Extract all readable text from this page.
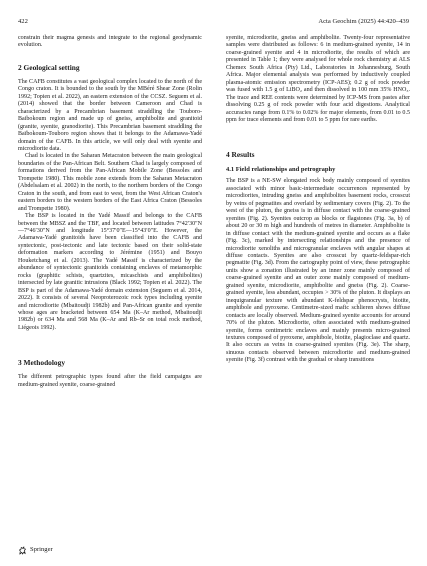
422	Acta Geochim (2025) 44:420–439

constrain their magma genesis and integrate to the regional geodynamic evolution.

2 Geological setting

The CAFB constitutes a vast geological complex located to the north of the Congo craton. It is bounded to the south by the MBéré Shear Zone (Rolin 1992; Topien et al. 2022), an eastern extension of the CCSZ. Seguem et al. (2014) showed that the border between Cameroon and Chad is characterized by a Precambrian basement straddling the Touboro-Baibokoum region and made up of gneiss, amphibolite and granitoid (granite, syenite, granodiorite). This Precambrian basement straddling the Baïbokoum-Touboro region shows that it belongs to the Adamawa-Yadé domain of the CAFB. In this article, we will only deal with syenite and microdiorite data.

Chad is located in the Saharan Metacraton between the main geological boundaries of the Pan-African Belt. Southern Chad is largely composed of formations derived from the Pan-African Mobile Zone (Bessoles and Trompette 1980). This mobile zone extends from the Saharan Metacraton (Abdelsalam et al. 2002) in the north, to the northern borders of the Congo Craton in the south, and from east to west, from the West African Craton's eastern borders to the western borders of the East Africa Craton (Bessoles and Trompette 1980).

The BSP is located in the Yadé Massif and belongs to the CAFB between the MBSZ and the TBF, and located between latitudes 7°42′30″N—7°46′30″N and longitude 15°37′0″E—15°43′0″E. However, the Adamawa-Yadé granitoids have been classified into the CAFB and syntectonic, post-tectonic and late tectonic based on their solid-state deformation markers according to Jérémine (1951) and Bouyo Houketchang et al. (2013). The Yadé Massif is characterized by the abundance of syntectonic granitoids containing enclaves of metamorphic rocks (graphitic schists, quartzites, micaschists and amphibolites) intersected by late granitic intrusions (Black 1992; Topien et al. 2022). The BSP is part of the Adamawa-Yadé domain extension (Seguem et al. 2014, 2022). It consists of several Neoproterozoic rock types including syenite and microdiorite (Mbaitoudji 1982b) and Pan-African granite and syenite whose ages are bracketed between 654 Ma (K–Ar method, Mbaitoudji 1982b) or 634 Ma and 568 Ma (K–Ar and Rb–Sr on total rock method, Liégeois 1992).

3 Methodology

The different petrographic types found after the field campaigns are medium-grained syenite, coarse-grained

syenite, microdiorite, gneiss and amphibolite. Twenty-four representative samples were distributed as follows: 6 in medium-grained syenite, 14 in coarse-grained syenite and 4 in microdiorite, the results of which are presented in Table 1; they were analysed for whole rock chemistry at ALS Chemex South Africa (Pty) Ltd., Laboratories in Johannesburg, South Africa. Major elemental analysis was performed by inductively coupled plasma-atomic emission spectrometry (ICP-AES); 0.2 g of rock powder was fused with 1.5 g of LiBO₂ and then dissolved in 100 mm 35% HNO₃. The trace and REE contents were determined by ICP-MS from pastes after dissolving 0.25 g of rock powder with four acid digestions. Analytical accuracies range from 0.1% to 0.02% for major elements, from 0.01 to 0.5 ppm for trace elements and from 0.01 to 5 ppm for rare earths.

4 Results
4.1 Field relationships and petrography

The BSP is a NE-SW elongated rock body mainly composed of syenites associated with minor basic-intermediate occurrences represented by microdiorites, intruding gneiss and amphibolites basement rocks, crosscut by veins of pegmatites and overlaid by sedimentary covers (Fig. 2). To the west of the pluton, the gneiss is in diffuse contact with the coarse-grained syenites (Fig. 2). Syenites outcrop as blocks or flagstones (Fig. 3a, b) of about 20 or 30 m high and hundreds of metres in diameter. Amphibolite is in diffuse contact with the medium-grained syenite and occurs as a flake (Fig. 3c), marked by intersecting relationships and the presence of microdiorite xenoliths and microgranular enclaves with angular shapes at diffuse contacts. Syenites are also crosscut by quartz-feldspar-rich pegmatite (Fig. 3d). From the cartography point of view, these petrographic units show a zonation illustrated by an inner zone mainly composed of coarse-grained syenite and an outer zone mainly composed of medium-grained syenite, microdiorite, amphibolite and gneiss (Fig. 2). Coarse-grained syenite, less abundant, occupies > 30% of the pluton. It displays an inequigranular texture with abundant K-feldspar phenocrysts, biotite, amphibole and pyroxene. Centimetre-sized mafic schlieren shows diffuse contacts are locally observed. Medium-grained syenite accounts for around 70% of the pluton. Microdiorite, often associated with medium-grained syenite, forms centimetric enclaves and mainly presents micro-grained textures composed of pyroxene, amphibole, biotite, plagioclase and quartz. It also occurs as veins in coarse-grained syenites (Fig. 3e). The sharp, sinuous contacts observed between microdiorite and medium-grained syenite (Fig. 3f) contrast with the gradual or sharp transitions

Springer
